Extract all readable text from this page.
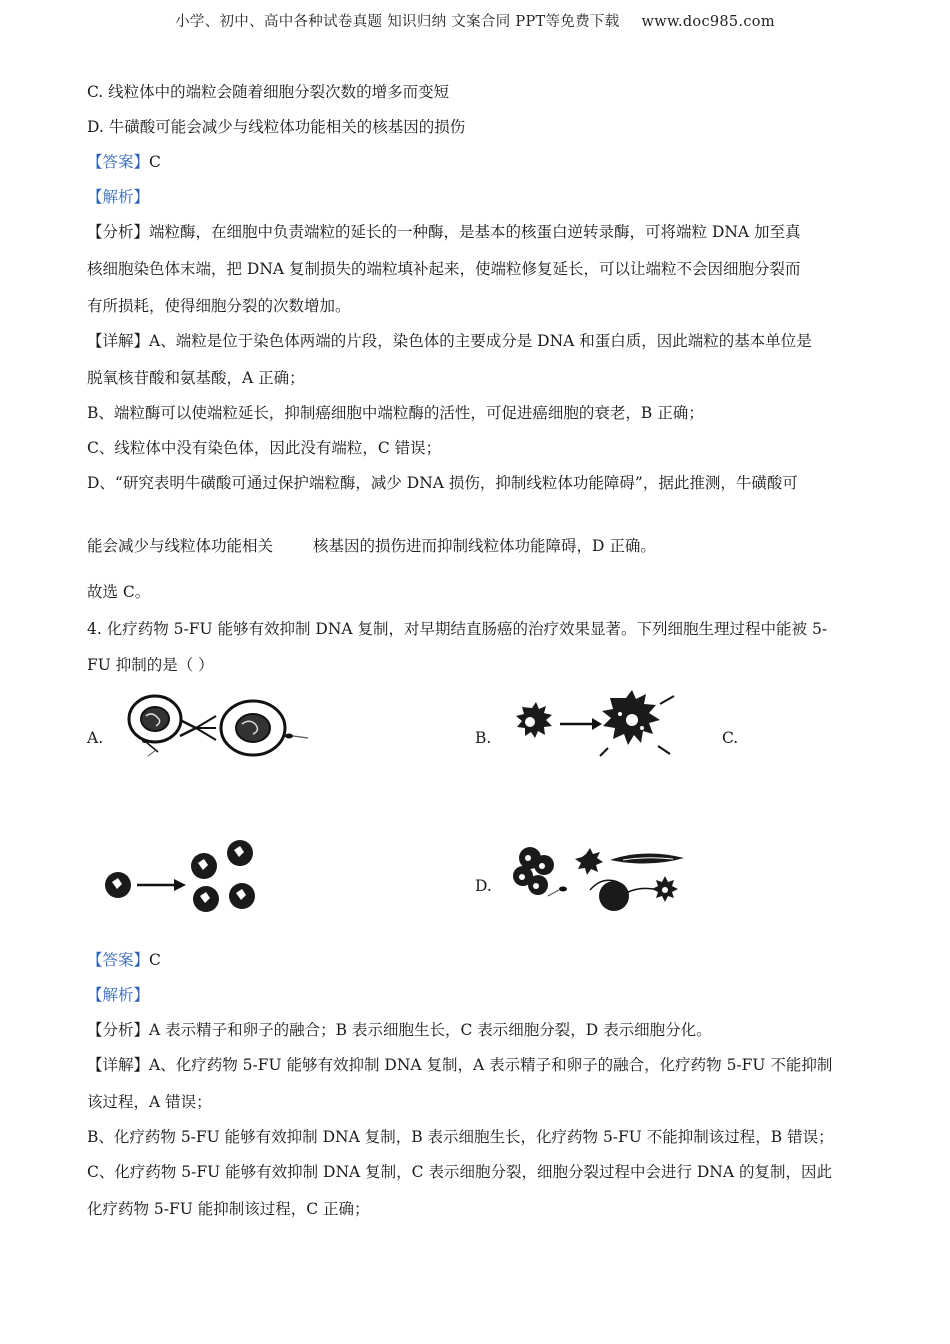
小学、初中、高中各种试卷真题 知识归纳 文案合同 PPT等免费下载 www.doc985.com
C. 线粒体中的端粒会随着细胞分裂次数的增多而变短
D. 牛磺酸可能会减少与线粒体功能相关的核基因的损伤
【答案】C
【解析】
【分析】端粒酶，在细胞中负责端粒的延长的一种酶，是基本的核蛋白逆转录酶，可将端粒 DNA 加至真
核细胞染色体末端，把 DNA 复制损失的端粒填补起来，使端粒修复延长，可以让端粒不会因细胞分裂而
有所损耗，使得细胞分裂的次数增加。
【详解】A、端粒是位于染色体两端的片段，染色体的主要成分是 DNA 和蛋白质，因此端粒的基本单位是
脱氧核苷酸和氨基酸，A 正确；
B、端粒酶可以使端粒延长，抑制癌细胞中端粒酶的活性，可促进癌细胞的衰老，B 正确；
C、线粒体中没有染色体，因此没有端粒，C 错误；
D、“研究表明牛磺酸可通过保护端粒酶，减少 DNA 损伤，抑制线粒体功能障碍”，据此推测，牛磺酸可
能会减少与线粒体功能相关	核基因的损伤进而抑制线粒体功能障碍，D 正确。
故选 C。
4. 化疗药物 5-FU 能够有效抑制 DNA 复制，对早期结直肠癌的治疗效果显著。下列细胞生理过程中能被 5-
FU 抑制的是（ ）
A.	B.	C.
D.
【答案】C
【解析】
【分析】A 表示精子和卵子的融合；B 表示细胞生长，C 表示细胞分裂，D 表示细胞分化。
【详解】A、化疗药物 5-FU 能够有效抑制 DNA 复制，A 表示精子和卵子的融合，化疗药物 5-FU 不能抑制
该过程，A 错误；
B、化疗药物 5-FU 能够有效抑制 DNA 复制，B 表示细胞生长，化疗药物 5-FU 不能抑制该过程，B 错误；
C、化疗药物 5-FU 能够有效抑制 DNA 复制，C 表示细胞分裂，细胞分裂过程中会进行 DNA 的复制，因此
化疗药物 5-FU 能抑制该过程，C 正确；
